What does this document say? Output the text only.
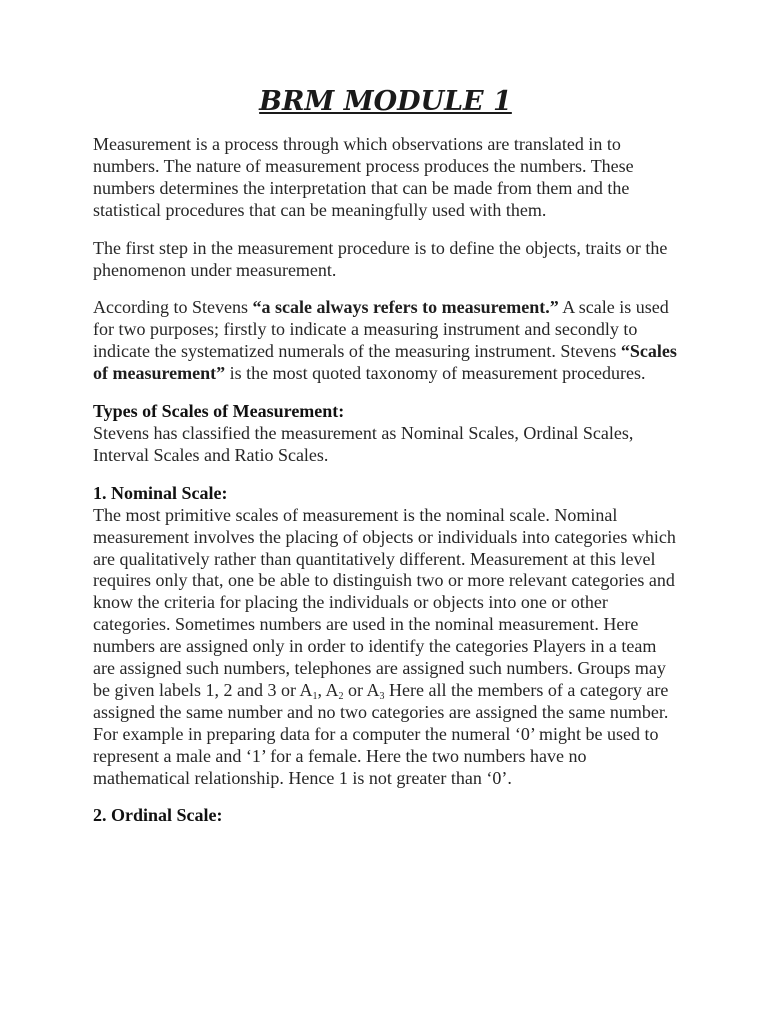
BRM MODULE 1

Measurement is a process through which observations are translated in to numbers. The nature of measurement process produces the numbers. These numbers determines the interpretation that can be made from them and the statistical procedures that can be meaningfully used with them.

The first step in the measurement procedure is to define the objects, traits or the phenomenon under measurement.

According to Stevens “a scale always refers to measurement.” A scale is used for two purposes; firstly to indicate a measuring instrument and secondly to indicate the systematized numerals of the measuring instrument. Stevens “Scales of measurement” is the most quoted taxonomy of measurement procedures.

Types of Scales of Measurement:

Stevens has classified the measurement as Nominal Scales, Ordinal Scales, Interval Scales and Ratio Scales.

1. Nominal Scale:

The most primitive scales of measurement is the nominal scale. Nominal measurement involves the placing of objects or individuals into categories which are qualitatively rather than quantitatively different. Measurement at this level requires only that, one be able to distinguish two or more relevant categories and know the criteria for placing the individuals or objects into one or other categories. Sometimes numbers are used in the nominal measurement. Here numbers are assigned only in order to identify the categories Players in a team are assigned such numbers, telephones are assigned such numbers. Groups may be given labels 1, 2 and 3 or $A_1$, $A_2$ or $A_3$ Here all the members of a category are assigned the same number and no two categories are assigned the same number. For example in preparing data for a computer the numeral ‘0’ might be used to represent a male and ‘1’ for a female. Here the two numbers have no mathematical relationship. Hence 1 is not greater than ‘0’.

2. Ordinal Scale:
